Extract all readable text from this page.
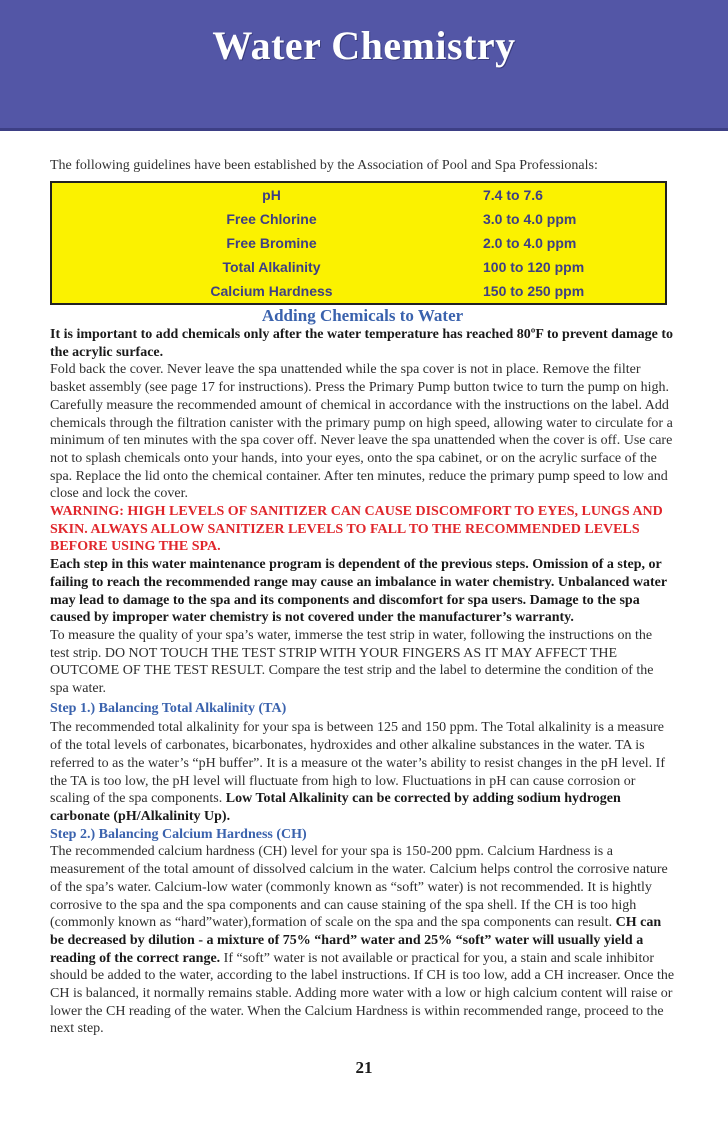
Water Chemistry
The following guidelines have been established by the Association of Pool and Spa Professionals:
pH	7.4 to 7.6
Free Chlorine	3.0 to 4.0 ppm
Free Bromine	2.0 to 4.0 ppm
Total Alkalinity	100 to 120 ppm
Calcium Hardness	150 to 250 ppm
Adding Chemicals to Water

It is important to add chemicals only after the water temperature has reached 80ºF to prevent damage to the acrylic surface.

Fold back the cover. Never leave the spa unattended while the spa cover is not in place. Remove the filter basket assembly (see page 17 for instructions). Press the Primary Pump button twice to turn the pump on high. Carefully measure the recommended amount of chemical in accordance with the instructions on the label. Add chemicals through the filtration canister with the primary pump on high speed, allowing water to circulate for a minimum of ten minutes with the spa cover off. Never leave the spa unattended when the cover is off. Use care not to splash chemicals onto your hands, into your eyes, onto the spa cabinet, or on the acrylic surface of the spa. Replace the lid onto the chemical container. After ten minutes, reduce the primary pump speed to low and close and lock the cover.

WARNING: HIGH LEVELS OF SANITIZER CAN CAUSE DISCOMFORT TO EYES, LUNGS AND SKIN. ALWAYS ALLOW SANITIZER LEVELS TO FALL TO THE RECOMMENDED LEVELS BEFORE USING THE SPA.

Each step in this water maintenance program is dependent of the previous steps. Omission of a step, or failing to reach the recommended range may cause an imbalance in water chemistry. Unbalanced water may lead to damage to the spa and its components and discomfort for spa users. Damage to the spa caused by improper water chemistry is not covered under the manufacturer’s warranty.

To measure the quality of your spa’s water, immerse the test strip in water, following the instructions on the test strip. DO NOT TOUCH THE TEST STRIP WITH YOUR FINGERS AS IT MAY AFFECT THE OUTCOME OF THE TEST RESULT. Compare the test strip and the label to determine the condition of the spa water.

Step 1.) Balancing Total Alkalinity (TA)

The recommended total alkalinity for your spa is between 125 and 150 ppm. The Total alkalinity is a measure of the total levels of carbonates, bicarbonates, hydroxides and other alkaline substances in the water. TA is referred to as the water’s “pH buffer”. It is a measure ot the water’s ability to resist changes in the pH level. If the TA is too low, the pH level will fluctuate from high to low. Fluctuations in pH can cause corrosion or scaling of the spa components. Low Total Alkalinity can be corrected by adding sodium hydrogen carbonate (pH/Alkalinity Up).

Step 2.) Balancing Calcium Hardness (CH)

The recommended calcium hardness (CH) level for your spa is 150-200 ppm. Calcium Hardness is a measurement of the total amount of dissolved calcium in the water. Calcium helps control the corrosive nature of the spa’s water. Calcium-low water (commonly known as “soft” water) is not recommended. It is hightly corrosive to the spa and the spa components and can cause staining of the spa shell. If the CH is too high (commonly known as “hard”water),formation of scale on the spa and the spa components can result. CH can be decreased by dilution - a mixture of 75% “hard” water and 25% “soft” water will usually yield a reading of the correct range. If “soft” water is not available or practical for you, a stain and scale inhibitor should be added to the water, according to the label instructions. If CH is too low, add a CH increaser. Once the CH is balanced, it normally remains stable. Adding more water with a low or high calcium content will raise or lower the CH reading of the water. When the Calcium Hardness is within recommended range, proceed to the next step.

21
